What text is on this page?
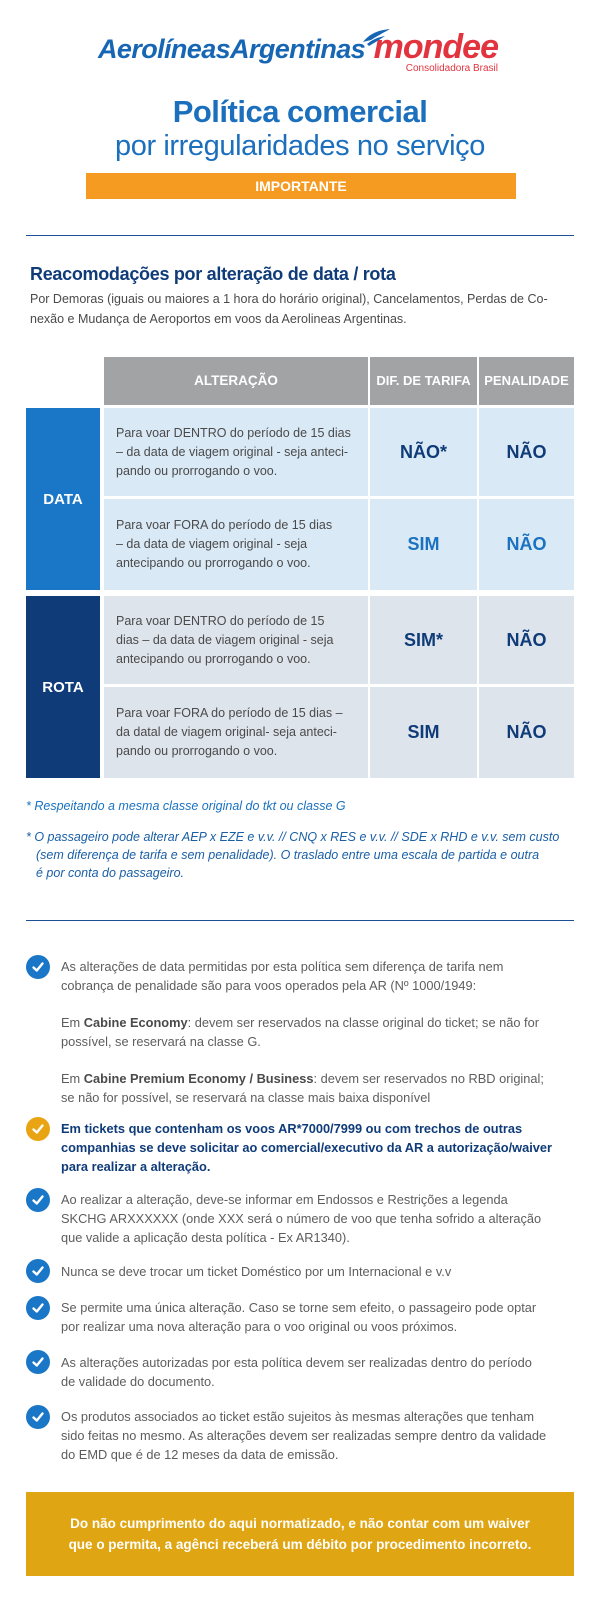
AerolíneasArgentinas mondee
Consolidadora Brasil
Política comercial
por irregularidades no serviço
IMPORTANTE
Reacomodações por alteração de data / rota
Por Demoras (iguais ou maiores a 1 hora do horário original), Cancelamentos, Perdas de Co-
nexão e Mudança de Aeroportos em voos da Aerolineas Argentinas.
ALTERAÇÃO	DIF. DE TARIFA	PENALIDADE
DATA
Para voar DENTRO do período de 15 dias
– da data de viagem original - seja anteci-
pando ou prorrogando o voo.
NÃO*	NÃO
Para voar FORA do período de 15 dias
– da data de viagem original - seja
antecipando ou prorrogando o voo.
SIM	NÃO
ROTA
Para voar DENTRO do período de 15
dias – da data de viagem original - seja
antecipando ou prorrogando o voo.
SIM*	NÃO
Para voar FORA do período de 15 dias –
da datal de viagem original- seja anteci-
pando ou prorrogando o voo.
SIM	NÃO
* Respeitando a mesma classe original do tkt ou classe G
* O passageiro pode alterar AEP x EZE e v.v. // CNQ x RES e v.v. // SDE x RHD e v.v. sem custo
(sem diferença de tarifa e sem penalidade). O traslado entre uma escala de partida e outra
é por conta do passageiro.
As alterações de data permitidas por esta política sem diferença de tarifa nem
cobrança de penalidade são para voos operados pela AR (Nº 1000/1949:
Em Cabine Economy: devem ser reservados na classe original do ticket; se não for
possível, se reservará na classe G.
Em Cabine Premium Economy / Business: devem ser reservados no RBD original;
se não for possível, se reservará na classe mais baixa disponível
Em tickets que contenham os voos AR*7000/7999 ou com trechos de outras
companhias se deve solicitar ao comercial/executivo da AR a autorização/waiver
para realizar a alteração.
Ao realizar a alteração, deve-se informar em Endossos e Restrições a legenda
SKCHG ARXXXXXX (onde XXX será o número de voo que tenha sofrido a alteração
que valide a aplicação desta política - Ex AR1340).
Nunca se deve trocar um ticket Doméstico por um Internacional e v.v
Se permite uma única alteração. Caso se torne sem efeito, o passageiro pode optar
por realizar uma nova alteração para o voo original ou voos próximos.
As alterações autorizadas por esta política devem ser realizadas dentro do período
de validade do documento.
Os produtos associados ao ticket estão sujeitos às mesmas alterações que tenham
sido feitas no mesmo. As alterações devem ser realizadas sempre dentro da validade
do EMD que é de 12 meses da data de emissão.
Do não cumprimento do aqui normatizado, e não contar com um waiver
que o permita, a agênci receberá um débito por procedimento incorreto.
